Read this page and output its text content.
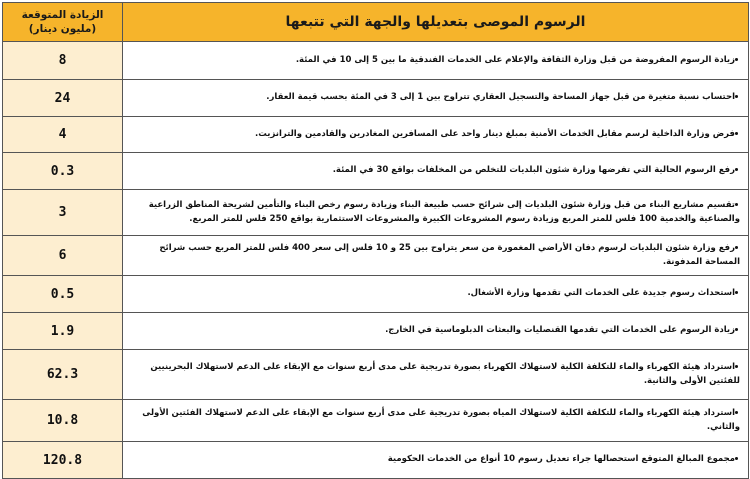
الرسوم الموصى بتعديلها والجهة التي تتبعها	الزيادة المتوقعة
(مليون دينار)

زيادة الرسوم المفروضة من قبل وزارة الثقافة والإعلام على الخدمات الفندقية ما بين 5 إلى 10 في المئة.	8
احتساب نسبة متغيرة من قبل جهاز المساحة والتسجيل العقاري تتراوح بين 1 إلى 3 في المئة بحسب قيمة العقار.	24
فرض وزارة الداخلية لرسم مقابل الخدمات الأمنية بمبلغ دينار واحد على المسافرين المغادرين والقادمين والترانزيت.	4
رفع الرسوم الحالية التي تفرضها وزارة شئون البلديات للتخلص من المخلفات بواقع 30 في المئة.	0.3
تقسيم مشاريع البناء من قبل وزارة شئون البلديات إلى شرائح حسب طبيعة البناء وزيادة رسوم رخص البناء والتأمين لشريحة المناطق الزراعية والصناعية والخدمية 100 فلس للمتر المربع وزيادة رسوم المشروعات الكبيرة والمشروعات الاستثمارية بواقع 250 فلس للمتر المربع.	3
رفع وزارة شئون البلديات لرسوم دفان الأراضي المغمورة من سعر يتراوح بين 25 و 10 فلس إلى سعر 400 فلس للمتر المربع حسب شرائح المساحة المدفونة.	6
استحداث رسوم جديدة على الخدمات التي تقدمها وزارة الأشغال.	0.5
زيادة الرسوم على الخدمات التي تقدمها القنصليات والبعثات الدبلوماسية في الخارج.	1.9
استرداد هيئة الكهرباء والماء للتكلفة الكلية لاستهلاك الكهرباء بصورة تدريجية على مدى أربع سنوات مع الإبقاء على الدعم لاستهلاك البحرينيين للفئتين الأولى والثانية.	62.3
استرداد هيئة الكهرباء والماء للتكلفة الكلية لاستهلاك المياه بصورة تدريجية على مدى أربع سنوات مع الإبقاء على الدعم لاستهلاك الفئتين الأولى والثاني.	10.8
مجموع المبالغ المتوقع استحصالها جراء تعديل رسوم 10 أنواع من الخدمات الحكومية	120.8
